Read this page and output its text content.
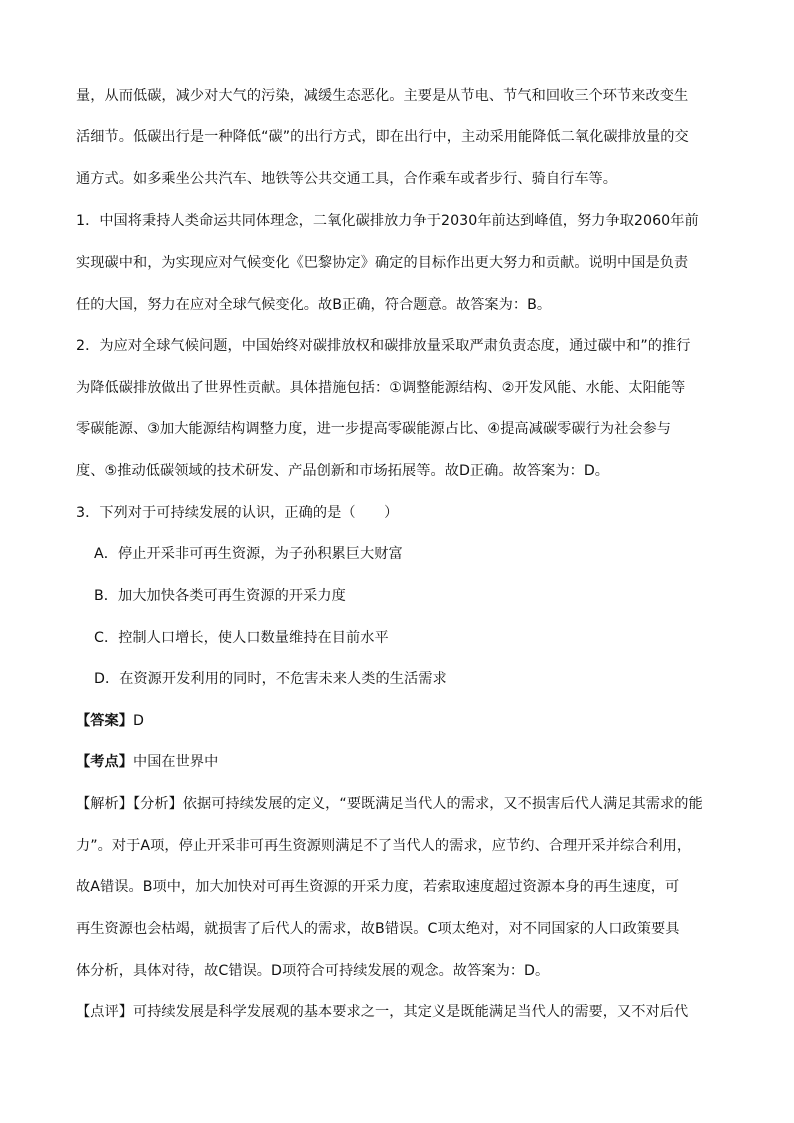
量，从而低碳，减少对大气的污染，减缓生态恶化。主要是从节电、节气和回收三个环节来改变生
活细节。低碳出行是一种降低“碳”的出行方式，即在出行中，主动采用能降低二氧化碳排放量的交
通方式。如多乘坐公共汽车、地铁等公共交通工具，合作乘车或者步行、骑自行车等。
1．中国将秉持人类命运共同体理念，二氧化碳排放力争于2030年前达到峰值，努力争取2060年前
实现碳中和，为实现应对气候变化《巴黎协定》确定的目标作出更大努力和贡献。说明中国是负责
任的大国，努力在应对全球气候变化。故B正确，符合题意。故答案为：B。
2．为应对全球气候问题，中国始终对碳排放权和碳排放量采取严肃负责态度，通过碳中和”的推行
为降低碳排放做出了世界性贡献。具体措施包括：①调整能源结构、②开发风能、水能、太阳能等
零碳能源、③加大能源结构调整力度，进一步提高零碳能源占比、④提高减碳零碳行为社会参与
度、⑤推动低碳领域的技术研发、产品创新和市场拓展等。故D正确。故答案为：D。
3．下列对于可持续发展的认识，正确的是（　　）
A．停止开采非可再生资源，为子孙积累巨大财富
B．加大加快各类可再生资源的开采力度
C．控制人口增长，使人口数量维持在目前水平
D．在资源开发利用的同时，不危害未来人类的生活需求
【答案】D
【考点】中国在世界中
【解析】【分析】依据可持续发展的定义，“要既满足当代人的需求，又不损害后代人满足其需求的能
力”。对于A项，停止开采非可再生资源则满足不了当代人的需求，应节约、合理开采并综合利用，
故A错误。B项中，加大加快对可再生资源的开采力度，若索取速度超过资源本身的再生速度，可
再生资源也会枯竭，就损害了后代人的需求，故B错误。C项太绝对，对不同国家的人口政策要具
体分析，具体对待，故C错误。D项符合可持续发展的观念。故答案为：D。
【点评】可持续发展是科学发展观的基本要求之一，其定义是既能满足当代人的需要，又不对后代
